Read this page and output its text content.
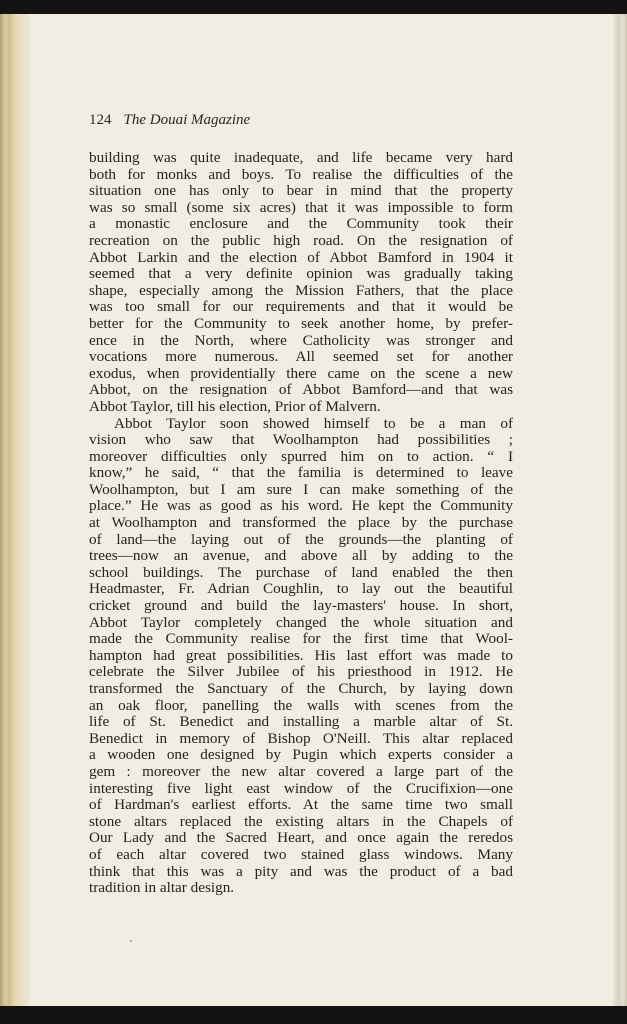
124 The Douai Magazine
building was quite inadequate, and life became very hard
both for monks and boys. To realise the difficulties of the
situation one has only to bear in mind that the property
was so small (some six acres) that it was impossible to form
a monastic enclosure and the Community took their
recreation on the public high road. On the resignation of
Abbot Larkin and the election of Abbot Bamford in 1904 it
seemed that a very definite opinion was gradually taking
shape, especially among the Mission Fathers, that the place
was too small for our requirements and that it would be
better for the Community to seek another home, by prefer-
ence in the North, where Catholicity was stronger and
vocations more numerous. All seemed set for another
exodus, when providentially there came on the scene a new
Abbot, on the resignation of Abbot Bamford—and that was
Abbot Taylor, till his election, Prior of Malvern.
Abbot Taylor soon showed himself to be a man of
vision who saw that Woolhampton had possibilities ;
moreover difficulties only spurred him on to action. “ I
know,” he said, “ that the familia is determined to leave
Woolhampton, but I am sure I can make something of the
place.” He was as good as his word. He kept the Community
at Woolhampton and transformed the place by the purchase
of land—the laying out of the grounds—the planting of
trees—now an avenue, and above all by adding to the
school buildings. The purchase of land enabled the then
Headmaster, Fr. Adrian Coughlin, to lay out the beautiful
cricket ground and build the lay-masters' house. In short,
Abbot Taylor completely changed the whole situation and
made the Community realise for the first time that Wool-
hampton had great possibilities. His last effort was made to
celebrate the Silver Jubilee of his priesthood in 1912. He
transformed the Sanctuary of the Church, by laying down
an oak floor, panelling the walls with scenes from the
life of St. Benedict and installing a marble altar of St.
Benedict in memory of Bishop O'Neill. This altar replaced
a wooden one designed by Pugin which experts consider a
gem : moreover the new altar covered a large part of the
interesting five light east window of the Crucifixion—one
of Hardman's earliest efforts. At the same time two small
stone altars replaced the existing altars in the Chapels of
Our Lady and the Sacred Heart, and once again the reredos
of each altar covered two stained glass windows. Many
think that this was a pity and was the product of a bad
tradition in altar design.
